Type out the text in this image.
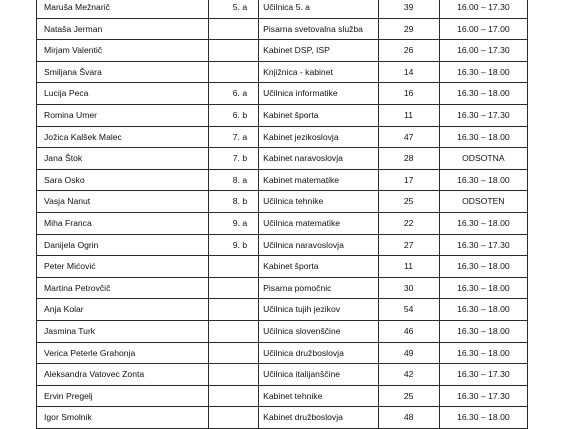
Maruša Mežnarič	5. a	Učilnica 5. a	39	16.00 – 17.30
Nataša Jerman		Pisarna svetovalna služba	29	16.00 – 17.00
Mirjam Valentič		Kabinet DSP, ISP	26	16.00 – 17.30
Smiljana Švara		Knjižnica - kabinet	14	16.30 – 18.00
Lucija Peca	6. a	Učilnica informatike	16	16.30 – 18.00
Romina Umer	6. b	Kabinet športa	11	16.30 – 17.30
Jožica Kalšek Malec	7. a	Kabinet jezikoslovja	47	16.30 – 18.00
Jana Štok	7. b	Kabinet naravoslovja	28	ODSOTNA
Sara Osko	8. a	Kabinet matematike	17	16.30 – 18.00
Vasja Nanut	8. b	Učilnica tehnike	25	ODSOTEN
Miha Franca	9. a	Učilnica matematike	22	16.30 – 18.00
Danijela Ogrin	9. b	Učilnica naravoslovja	27	16.30 – 17.30
Peter Mićović		Kabinet športa	11	16.30 – 18.00
Martina Petrovčič		Pisarna pomočnic	30	16.30 – 18.00
Anja Kolar		Učilnica tujih jezikov	54	16.30 – 18.00
Jasmina Turk		Učilnica slovenščine	46	16.30 – 18.00
Verica Peterle Grahonja		Učilnica družboslovja	49	16.30 – 18.00
Aleksandra Vatovec Zonta		Učilnica italijanščine	42	16.30 – 17.30
Ervin Pregelj		Kabinet tehnike	25	16.30 – 17.30
Igor Smolnik		Kabinet družboslovja	48	16.30 – 18.00
